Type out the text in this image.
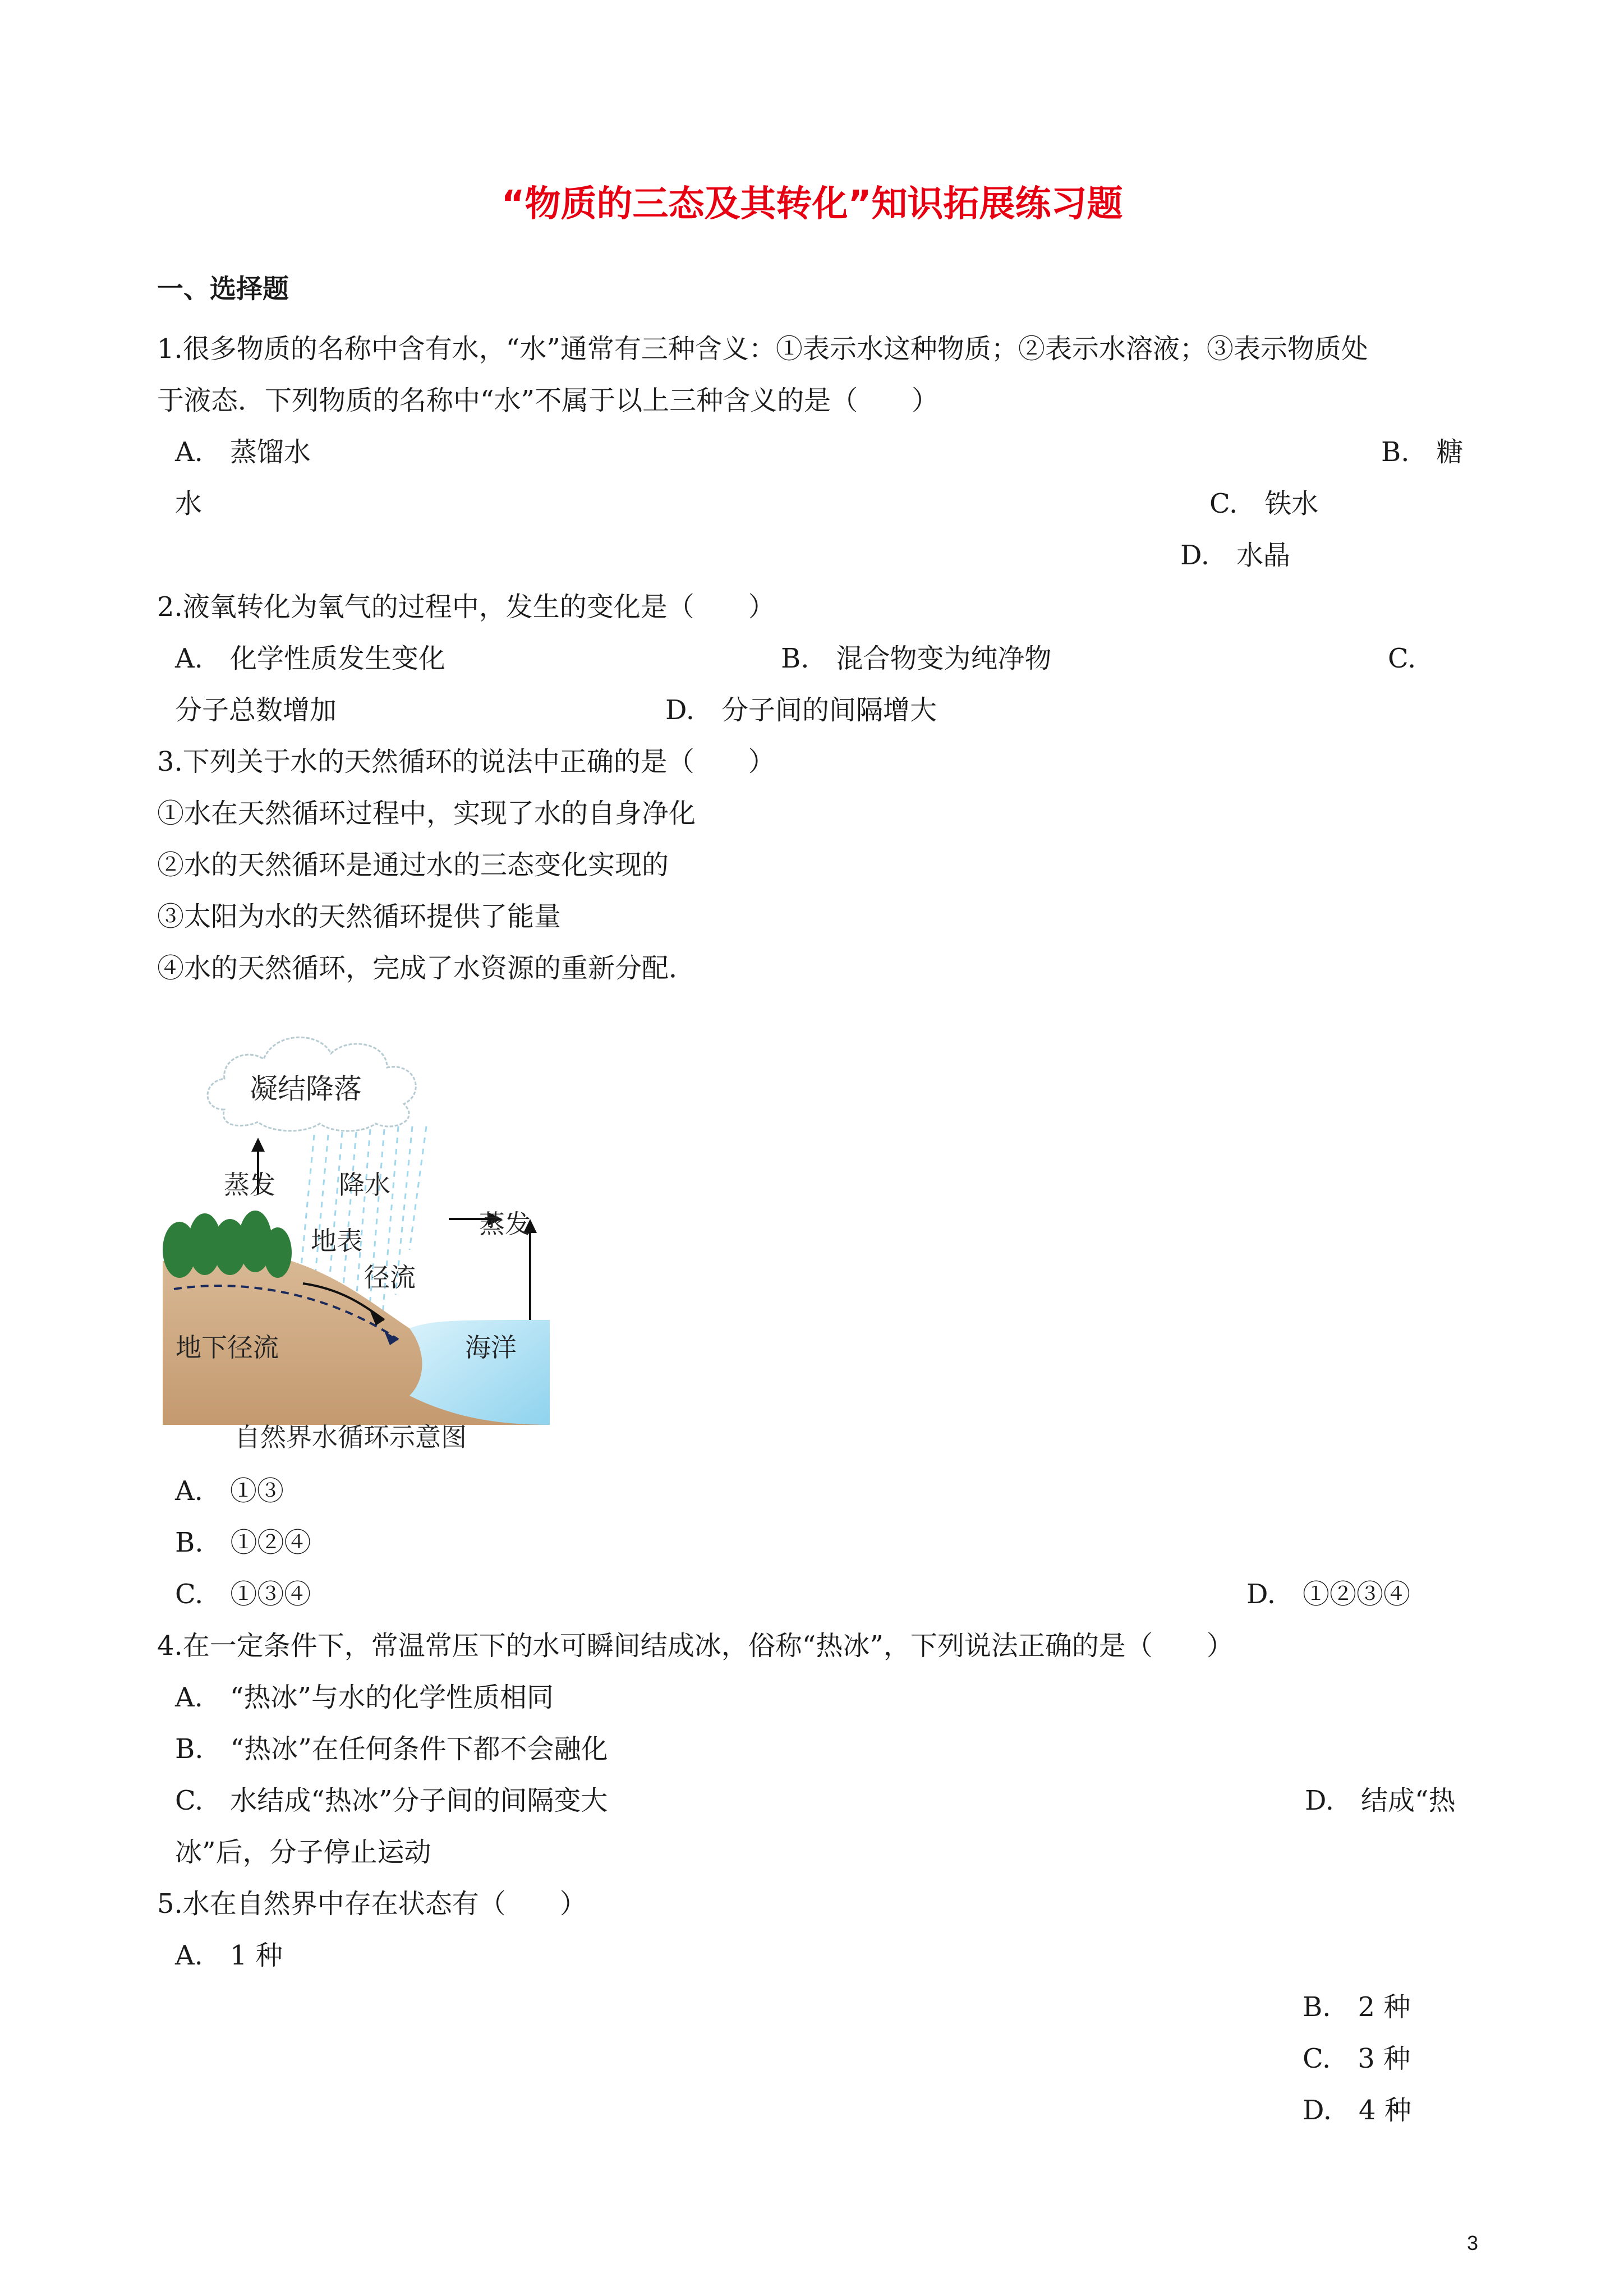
“物质的三态及其转化”知识拓展练习题
一、选择题
1.很多物质的名称中含有水，“水”通常有三种含义：①表示水这种物质；②表示水溶液；③表示物质处
于液态．下列物质的名称中“水”不属于以上三种含义的是（　　）
A.　蒸馏水	B.　糖
水	C.　铁水
D.　水晶
2.液氧转化为氧气的过程中，发生的变化是（　　）
A.　化学性质发生变化	B.　混合物变为纯净物	C.
分子总数增加	D.　分子间的间隔增大
3.下列关于水的天然循环的说法中正确的是（　　）
①水在天然循环过程中，实现了水的自身净化
②水的天然循环是通过水的三态变化实现的
③太阳为水的天然循环提供了能量
④水的天然循环，完成了水资源的重新分配．
凝结降落
蒸发 降水
蒸发
地表
径流
地下径流	海洋
自然界水循环示意图
A.　①③
B.　①②④
C.　①③④	D.　①②③④
4.在一定条件下，常温常压下的水可瞬间结成冰，俗称“热冰”，下列说法正确的是（　　）
A.　“热冰”与水的化学性质相同
B.　“热冰”在任何条件下都不会融化
C.　水结成“热冰”分子间的间隔变大	D.　结成“热
冰”后，分子停止运动
5.水在自然界中存在状态有（　　）
A.　1 种
B.　2 种
C.　3 种
D.　4 种
3
